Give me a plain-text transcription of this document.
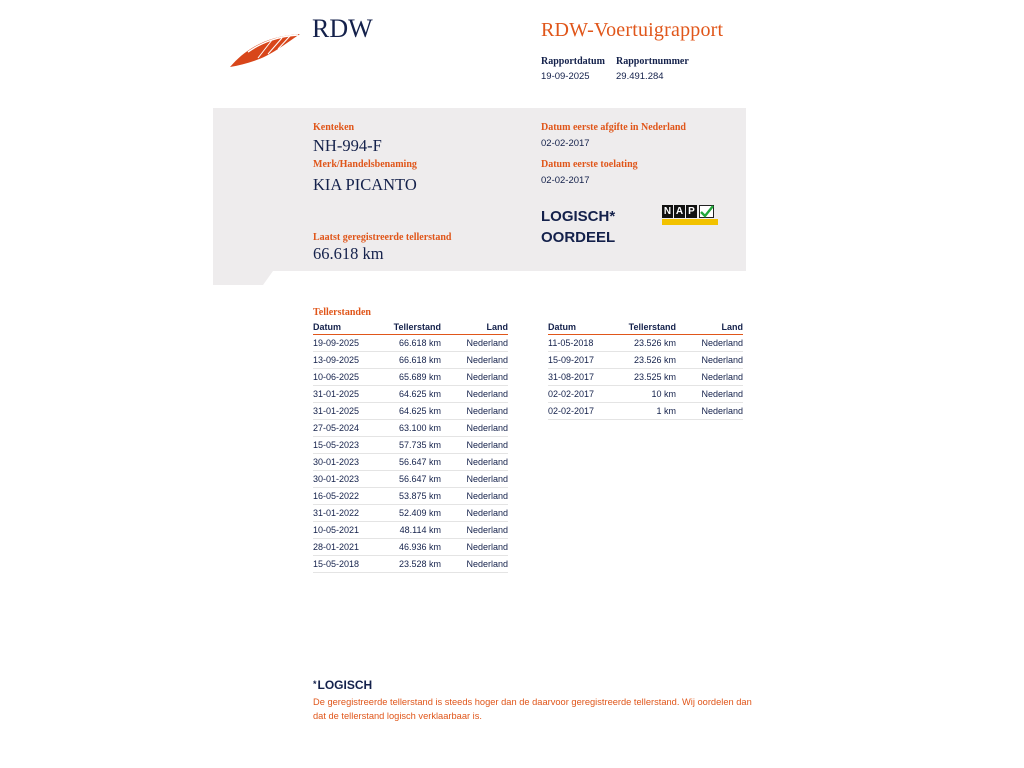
RDW	RDW-Voertuigrapport
Rapportdatum Rapportnummer
19-09-2025	29.491.284
Kenteken
NH-994-F
Merk/Handelsbenaming
KIA PICANTO
Laatst geregistreerde tellerstand
66.618 km
Datum eerste afgifte in Nederland
02-02-2017
Datum eerste toelating
02-02-2017
LOGISCH*
OORDEEL
N A P
Tellerstanden
Datum	Tellerstand	Land
19-09-2025	66.618 km	Nederland
13-09-2025	66.618 km	Nederland
10-06-2025	65.689 km	Nederland
31-01-2025	64.625 km	Nederland
31-01-2025	64.625 km	Nederland
27-05-2024	63.100 km	Nederland
15-05-2023	57.735 km	Nederland
30-01-2023	56.647 km	Nederland
30-01-2023	56.647 km	Nederland
16-05-2022	53.875 km	Nederland
31-01-2022	52.409 km	Nederland
10-05-2021	48.114 km	Nederland
28-01-2021	46.936 km	Nederland
15-05-2018	23.528 km	Nederland
Datum	Tellerstand	Land
11-05-2018	23.526 km	Nederland
15-09-2017	23.526 km	Nederland
31-08-2017	23.525 km	Nederland
02-02-2017	10 km	Nederland
02-02-2017	1 km	Nederland
*LOGISCH
De geregistreerde tellerstand is steeds hoger dan de daarvoor geregistreerde tellerstand. Wij oordelen dan dat de tellerstand logisch verklaarbaar is.
